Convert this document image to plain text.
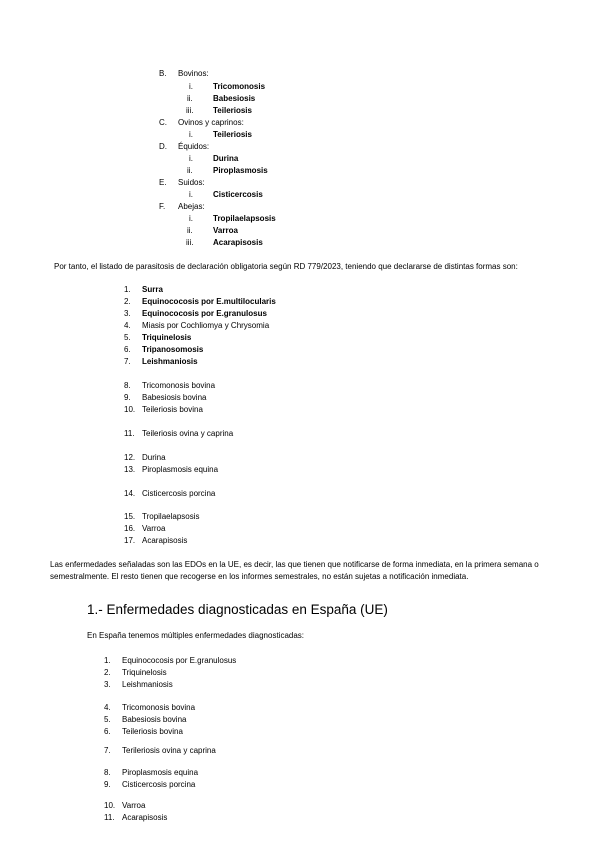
B. Bovinos:
i.	Tricomonosis
ii.	Babesiosis
iii. Teileriosis
C. Ovinos y caprinos:
i.	Teileriosis
D. Équidos:
i.	Durina
ii.	Piroplasmosis
E. Suidos:
i.	Cisticercosis
F. Abejas:
i.	Tropilaelapsosis
ii.	Varroa
iii. Acarapisosis
Por tanto, el listado de parasitosis de declaración obligatoria según RD 779/2023, teniendo que declararse de distintas formas son:
1. Surra
2. Equinococosis por E.multilocularis
3. Equinococosis por E.granulosus
4. Miasis por Cochliomya y Chrysomia
5. Triquinelosis
6. Tripanosomosis
7. Leishmaniosis
8. Tricomonosis bovina
9. Babesiosis bovina
10. Teileriosis bovina
11. Teileriosis ovina y caprina
12. Durina
13. Piroplasmosis equina
14. Cisticercosis porcina
15. Tropilaelapsosis
16. Varroa
17. Acarapisosis
Las enfermedades señaladas son las EDOs en la UE, es decir, las que tienen que notificarse de forma inmediata, en la primera semana o semestralmente. El resto tienen que recogerse en los informes semestrales, no están sujetas a notificación inmediata.
1.- Enfermedades diagnosticadas en España (UE)
En España tenemos múltiples enfermedades diagnosticadas:
1. Equinococosis por E.granulosus
2. Triquinelosis
3. Leishmaniosis
4. Tricomonosis bovina
5. Babesiosis bovina
6. Teileriosis bovina
7. Terileriosis ovina y caprina
8. Piroplasmosis equina
9. Cisticercosis porcina
10. Varroa
11. Acarapisosis
